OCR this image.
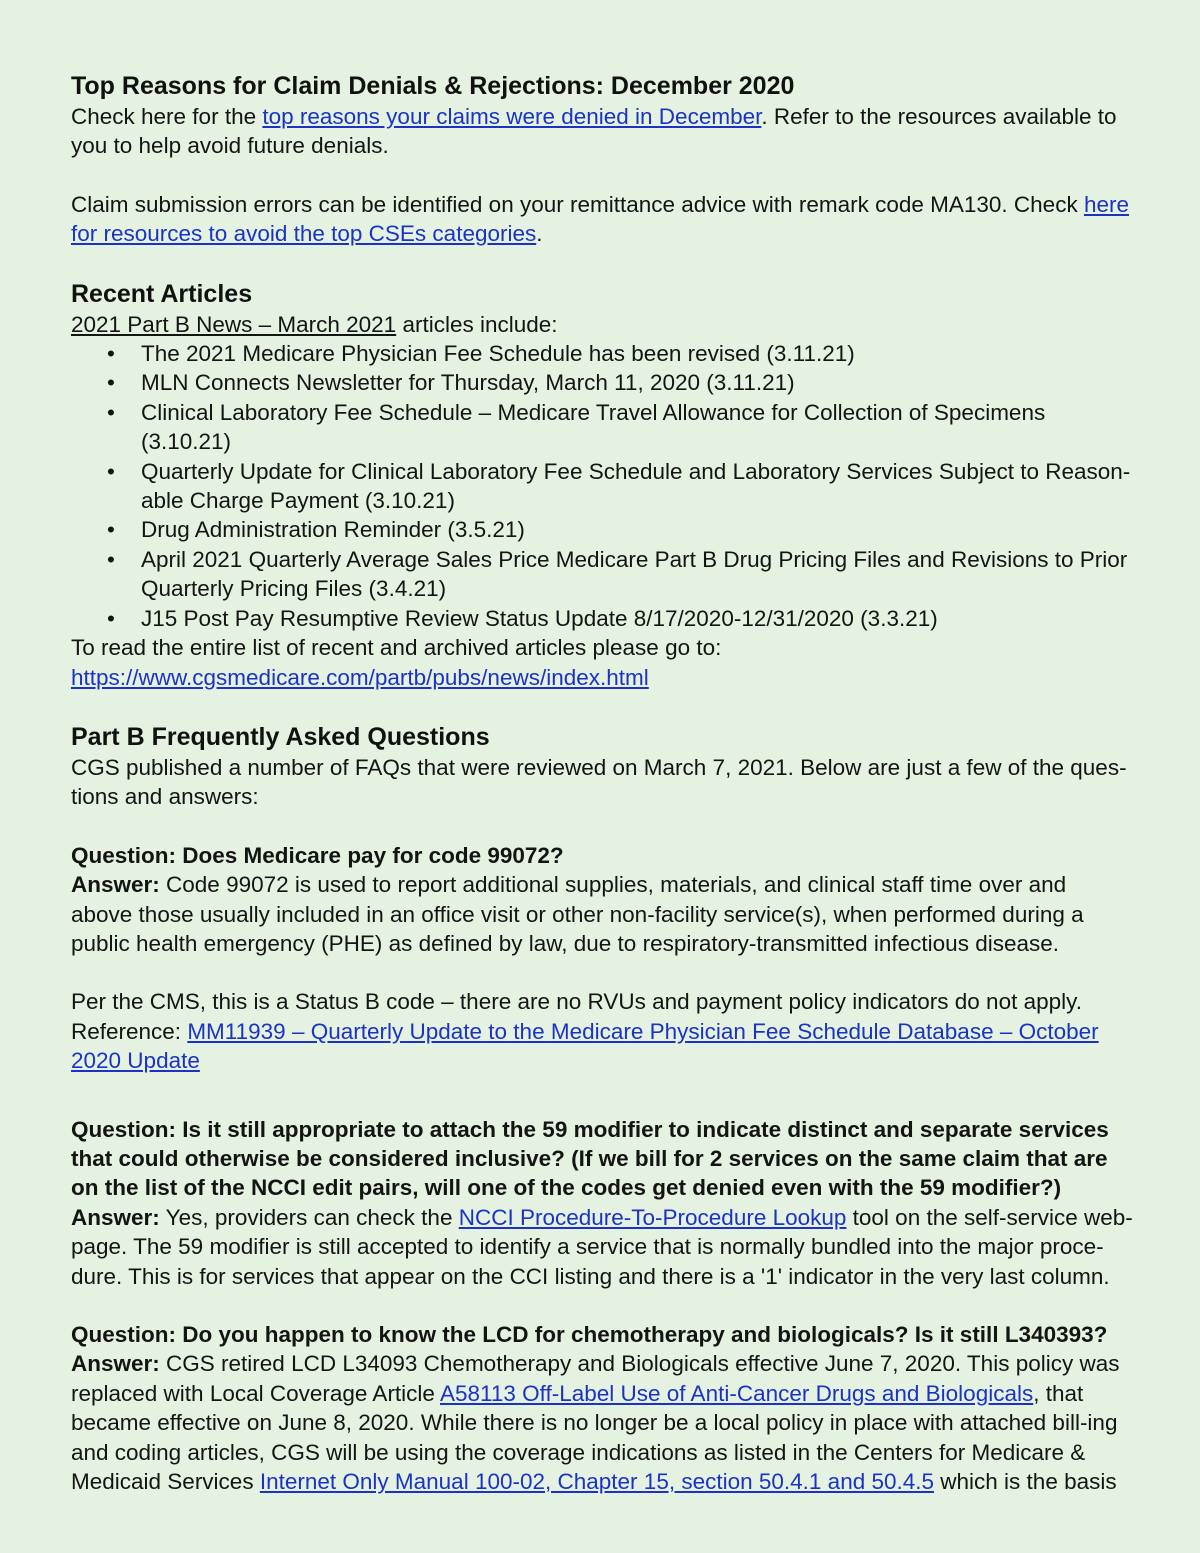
Top Reasons for Claim Denials & Rejections: December 2020

Check here for the top reasons your claims were denied in December. Refer to the resources available to you to help avoid future denials.

Claim submission errors can be identified on your remittance advice with remark code MA130. Check here for resources to avoid the top CSEs categories.

Recent Articles

2021 Part B News – March 2021 articles include:

• The 2021 Medicare Physician Fee Schedule has been revised (3.11.21)
• MLN Connects Newsletter for Thursday, March 11, 2020 (3.11.21)
• Clinical Laboratory Fee Schedule – Medicare Travel Allowance for Collection of Specimens (3.10.21)
• Quarterly Update for Clinical Laboratory Fee Schedule and Laboratory Services Subject to Reason-able Charge Payment (3.10.21)
• Drug Administration Reminder (3.5.21)
• April 2021 Quarterly Average Sales Price Medicare Part B Drug Pricing Files and Revisions to Prior Quarterly Pricing Files (3.4.21)
• J15 Post Pay Resumptive Review Status Update 8/17/2020-12/31/2020 (3.3.21)

To read the entire list of recent and archived articles please go to: https://www.cgsmedicare.com/partb/pubs/news/index.html

Part B Frequently Asked Questions

CGS published a number of FAQs that were reviewed on March 7, 2021. Below are just a few of the ques-tions and answers:

Question: Does Medicare pay for code 99072?

Answer: Code 99072 is used to report additional supplies, materials, and clinical staff time over and above those usually included in an office visit or other non-facility service(s), when performed during a public health emergency (PHE) as defined by law, due to respiratory-transmitted infectious disease.

Per the CMS, this is a Status B code – there are no RVUs and payment policy indicators do not apply.

Reference: MM11939 – Quarterly Update to the Medicare Physician Fee Schedule Database – October 2020 Update

Question: Is it still appropriate to attach the 59 modifier to indicate distinct and separate services that could otherwise be considered inclusive? (If we bill for 2 services on the same claim that are on the list of the NCCI edit pairs, will one of the codes get denied even with the 59 modifier?)

Answer: Yes, providers can check the NCCI Procedure-To-Procedure Lookup tool on the self-service web-page. The 59 modifier is still accepted to identify a service that is normally bundled into the major proce-dure. This is for services that appear on the CCI listing and there is a '1' indicator in the very last column.

Question: Do you happen to know the LCD for chemotherapy and biologicals? Is it still L340393?

Answer: CGS retired LCD L34093 Chemotherapy and Biologicals effective June 7, 2020. This policy was replaced with Local Coverage Article A58113 Off-Label Use of Anti-Cancer Drugs and Biologicals, that became effective on June 8, 2020. While there is no longer be a local policy in place with attached bill-ing and coding articles, CGS will be using the coverage indications as listed in the Centers for Medicare & Medicaid Services Internet Only Manual 100-02, Chapter 15, section 50.4.1 and 50.4.5 which is the basis
